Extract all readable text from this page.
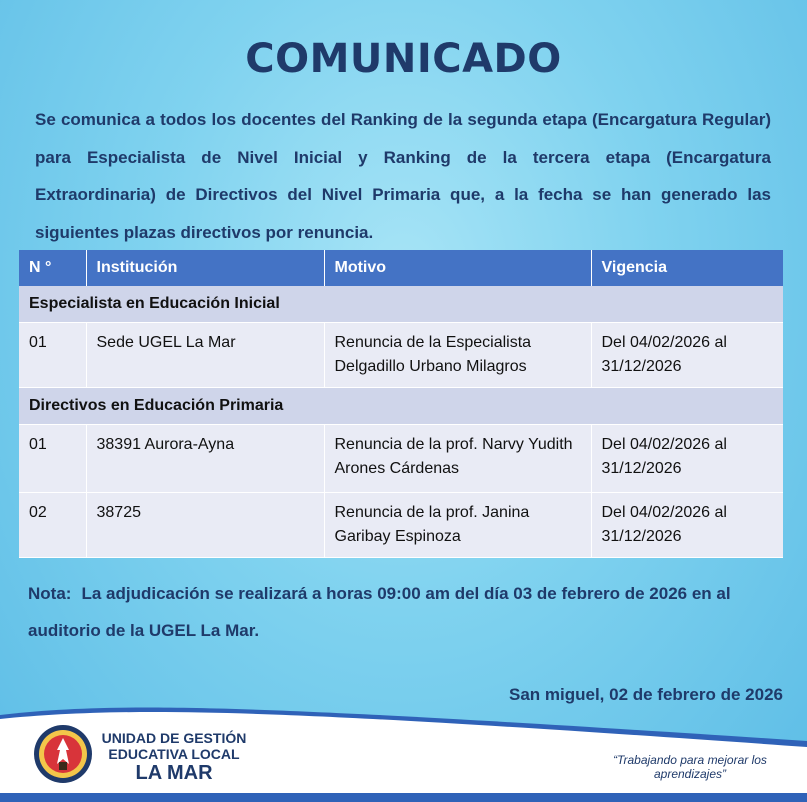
COMUNICADO
Se comunica a todos los docentes del Ranking de la segunda etapa (Encargatura Regular) para Especialista de Nivel Inicial y Ranking de la tercera etapa (Encargatura Extraordinaria) de Directivos del Nivel Primaria que, a la fecha se han generado las siguientes plazas directivos por renuncia.
N °	Institución	Motivo	Vigencia
Especialista en Educación Inicial			
01	Sede UGEL La Mar	Renuncia de la Especialista Delgadillo Urbano Milagros	Del 04/02/2026 al 31/12/2026
Directivos en Educación Primaria			
01	38391 Aurora-Ayna	Renuncia de la prof. Narvy Yudith Arones Cárdenas	Del 04/02/2026 al 31/12/2026
02	38725	Renuncia de la prof. Janina Garibay Espinoza	Del 04/02/2026 al 31/12/2026
Nota: La adjudicación se realizará a horas 09:00 am del día 03 de febrero de 2026 en al auditorio de la UGEL La Mar.
San miguel, 02 de febrero de 2026
UNIDAD DE GESTIÓN
EDUCATIVA LOCAL
LA MAR
“Trabajando para mejorar los aprendizajes”
